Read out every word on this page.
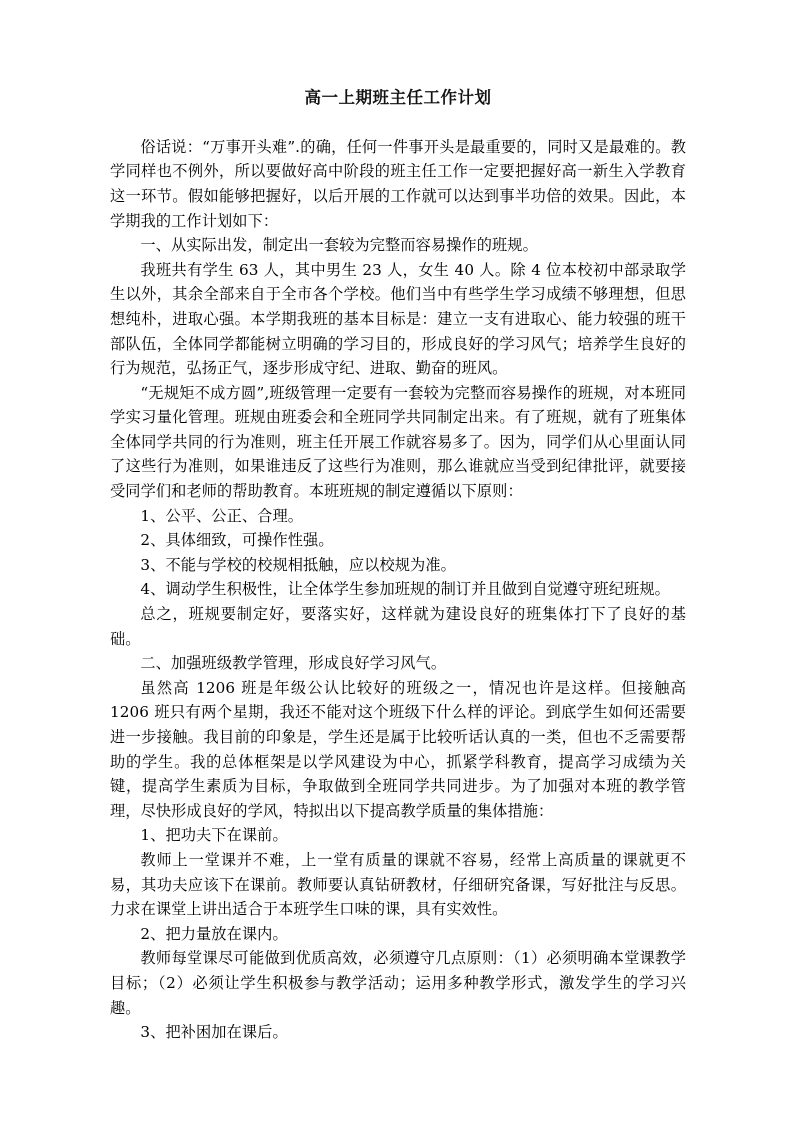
高一上期班主任工作计划

俗话说：“万事开头难”.的确，任何一件事开头是最重要的，同时又是最难的。教学同样也不例外，所以要做好高中阶段的班主任工作一定要把握好高一新生入学教育这一环节。假如能够把握好，以后开展的工作就可以达到事半功倍的效果。因此，本学期我的工作计划如下：

一、从实际出发，制定出一套较为完整而容易操作的班规。

我班共有学生 63 人，其中男生 23 人，女生 40 人。除 4 位本校初中部录取学生以外，其余全部来自于全市各个学校。他们当中有些学生学习成绩不够理想，但思想纯朴，进取心强。本学期我班的基本目标是：建立一支有进取心、能力较强的班干部队伍，全体同学都能树立明确的学习目的，形成良好的学习风气；培养学生良好的行为规范，弘扬正气，逐步形成守纪、进取、勤奋的班风。

“无规矩不成方圆”,班级管理一定要有一套较为完整而容易操作的班规，对本班同学实习量化管理。班规由班委会和全班同学共同制定出来。有了班规，就有了班集体全体同学共同的行为准则，班主任开展工作就容易多了。因为，同学们从心里面认同了这些行为准则，如果谁违反了这些行为准则，那么谁就应当受到纪律批评，就要接受同学们和老师的帮助教育。本班班规的制定遵循以下原则：

1、公平、公正、合理。

2、具体细致，可操作性强。

3、不能与学校的校规相抵触，应以校规为准。

4、调动学生积极性，让全体学生参加班规的制订并且做到自觉遵守班纪班规。

总之，班规要制定好，要落实好，这样就为建设良好的班集体打下了良好的基础。

二、加强班级教学管理，形成良好学习风气。

虽然高 1206 班是年级公认比较好的班级之一，情况也许是这样。但接触高 1206 班只有两个星期，我还不能对这个班级下什么样的评论。到底学生如何还需要进一步接触。我目前的印象是，学生还是属于比较听话认真的一类，但也不乏需要帮助的学生。我的总体框架是以学风建设为中心，抓紧学科教育，提高学习成绩为关键，提高学生素质为目标，争取做到全班同学共同进步。为了加强对本班的教学管理，尽快形成良好的学风，特拟出以下提高教学质量的集体措施：

1、把功夫下在课前。

教师上一堂课并不难，上一堂有质量的课就不容易，经常上高质量的课就更不易，其功夫应该下在课前。教师要认真钻研教材，仔细研究备课，写好批注与反思。力求在课堂上讲出适合于本班学生口味的课，具有实效性。

2、把力量放在课内。

教师每堂课尽可能做到优质高效，必须遵守几点原则：（1）必须明确本堂课教学目标；（2）必须让学生积极参与教学活动；运用多种教学形式，激发学生的学习兴趣。

3、把补困加在课后。
